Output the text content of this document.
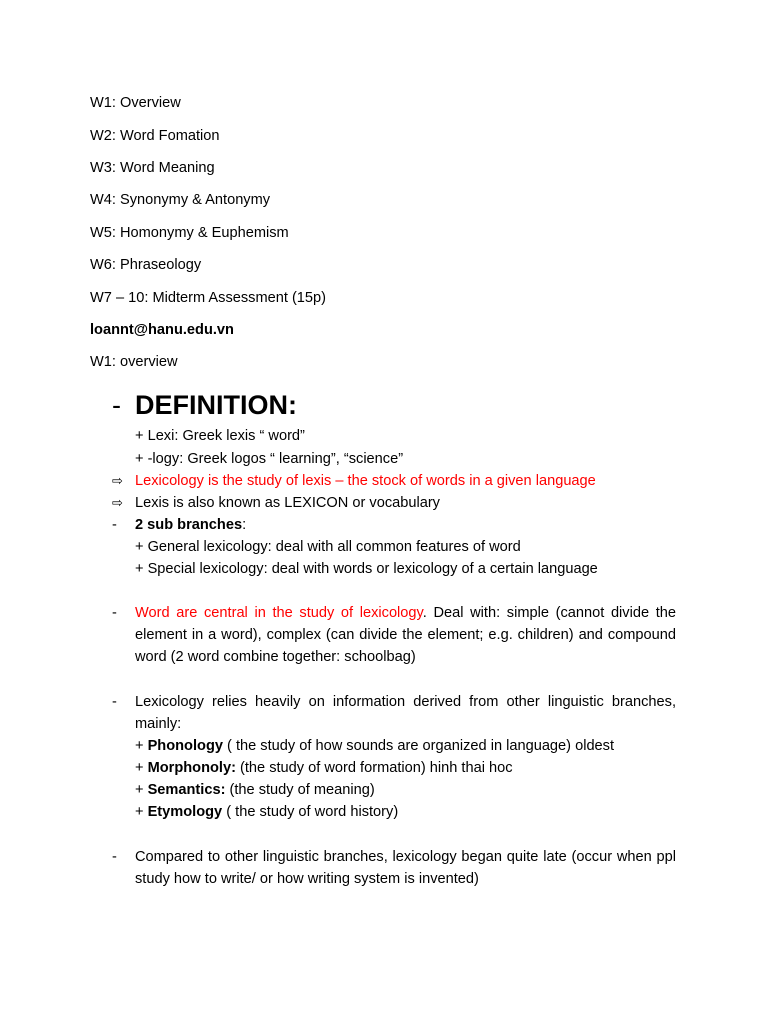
W1: Overview
W2: Word Fomation
W3: Word Meaning
W4: Synonymy & Antonymy
W5: Homonymy & Euphemism
W6: Phraseology
W7 – 10: Midterm Assessment (15p)
loannt@hanu.edu.vn
W1: overview
- DEFINITION:
+ Lexi: Greek lexis “ word”
+ -logy: Greek logos “ learning”, “science”
⇨ Lexicology is the study of lexis – the stock of words in a given language
⇨ Lexis is also known as LEXICON or vocabulary
-	2 sub branches:
+ General lexicology: deal with all common features of word
+ Special lexicology: deal with words or lexicology of a certain language
-	Word are central in the study of lexicology. Deal with: simple (cannot divide the element in a word), complex (can divide the element; e.g. children) and compound word (2 word combine together: schoolbag)
-	Lexicology relies heavily on information derived from other linguistic branches, mainly:
+ Phonology ( the study of how sounds are organized in language) oldest
+ Morphonoly: (the study of word formation) hinh thai hoc
+ Semantics: (the study of meaning)
+ Etymology ( the study of word history)
-	Compared to other linguistic branches, lexicology began quite late (occur when ppl study how to write/ or how writing system is invented)
